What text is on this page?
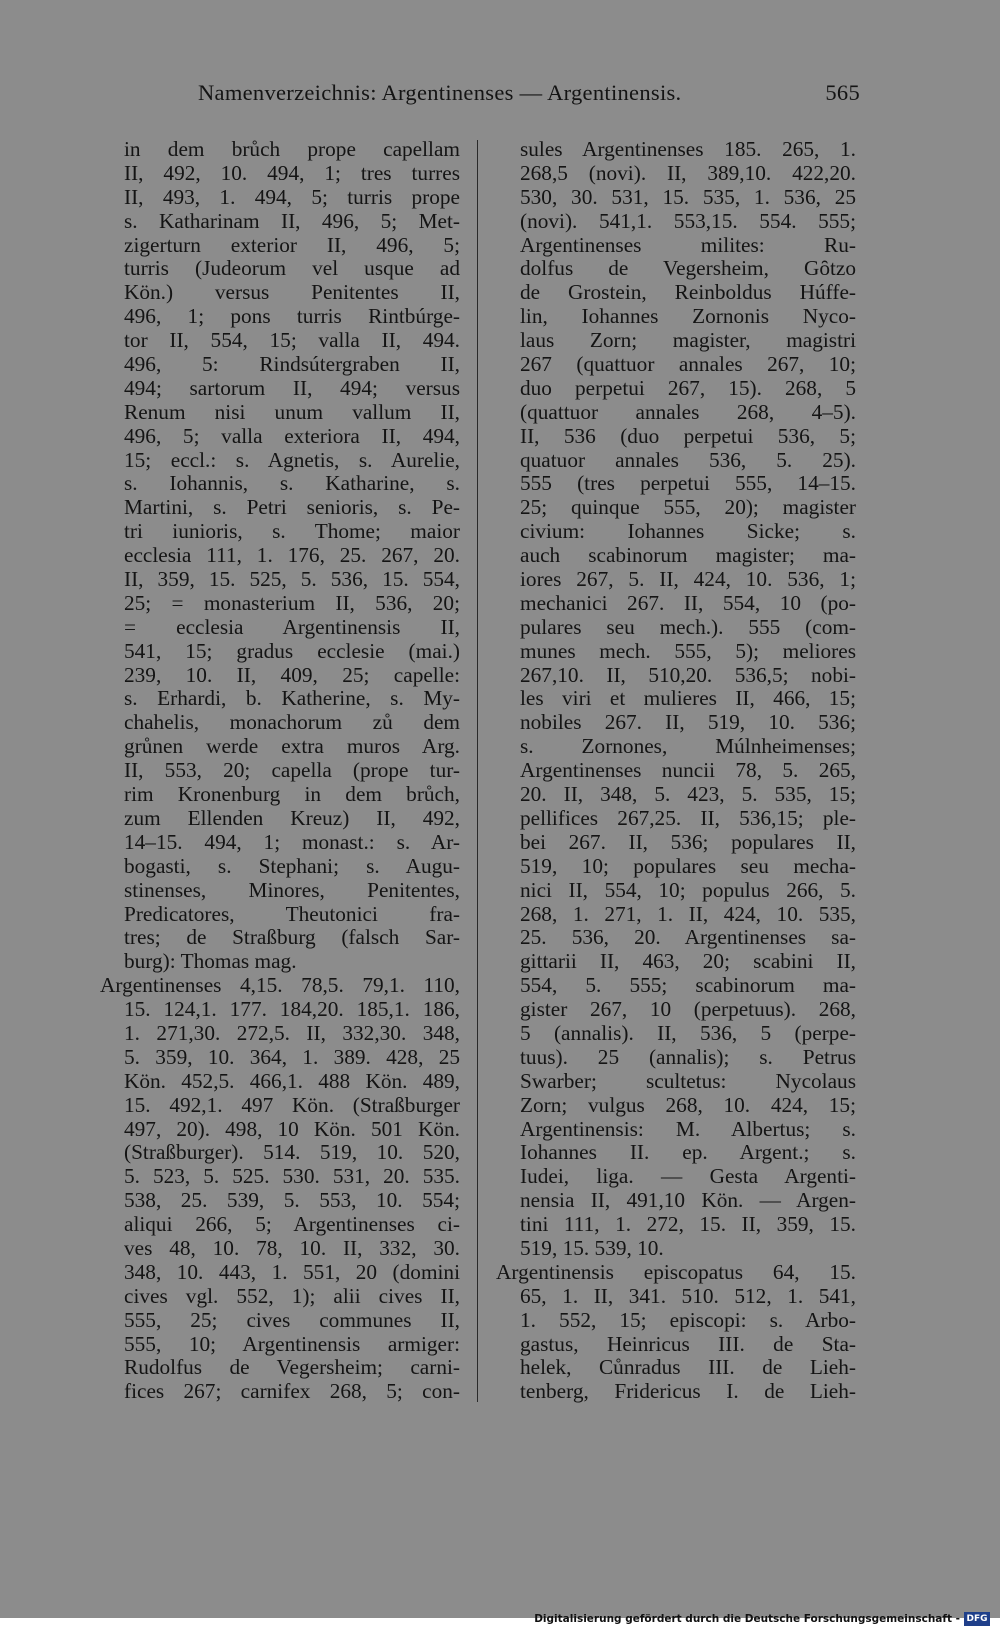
Namenverzeichnis: Argentinenses — Argentinensis.	565
in dem brůch prope capellam
II, 492, 10. 494, 1; tres turres
II, 493, 1. 494, 5; turris prope
s. Katharinam II, 496, 5; Met-
zigerturn exterior II, 496, 5;
turris (Judeorum vel usque ad
Kön.) versus Penitentes II,
496, 1; pons turris Rintbúrge-
tor II, 554, 15; valla II, 494.
496, 5: Rindsútergraben II,
494; sartorum II, 494; versus
Renum nisi unum vallum II,
496, 5; valla exteriora II, 494,
15; eccl.: s. Agnetis, s. Aurelie,
s. Iohannis, s. Katharine, s.
Martini, s. Petri senioris, s. Pe-
tri iunioris, s. Thome; maior
ecclesia 111, 1. 176, 25. 267, 20.
II, 359, 15. 525, 5. 536, 15. 554,
25; = monasterium II, 536, 20;
= ecclesia Argentinensis II,
541, 15; gradus ecclesie (mai.)
239, 10. II, 409, 25; capelle:
s. Erhardi, b. Katherine, s. My-
chahelis, monachorum zů dem
grůnen werde extra muros Arg.
II, 553, 20; capella (prope tur-
rim Kronenburg in dem brůch,
zum Ellenden Kreuz) II, 492,
14–15. 494, 1; monast.: s. Ar-
bogasti, s. Stephani; s. Augu-
stinenses, Minores, Penitentes,
Predicatores, Theutonici fra-
tres; de Straßburg (falsch Sar-
burg): Thomas mag.
Argentinenses 4,15. 78,5. 79,1. 110,
15. 124,1. 177. 184,20. 185,1. 186,
1. 271,30. 272,5. II, 332,30. 348,
5. 359, 10. 364, 1. 389. 428, 25
Kön. 452,5. 466,1. 488 Kön. 489,
15. 492,1. 497 Kön. (Straßburger
497, 20). 498, 10 Kön. 501 Kön.
(Straßburger). 514. 519, 10. 520,
5. 523, 5. 525. 530. 531, 20. 535.
538, 25. 539, 5. 553, 10. 554;
aliqui 266, 5; Argentinenses ci-
ves 48, 10. 78, 10. II, 332, 30.
348, 10. 443, 1. 551, 20 (domini
cives vgl. 552, 1); alii cives II,
555, 25; cives communes II,
555, 10; Argentinensis armiger:
Rudolfus de Vegersheim; carni-
fices 267; carnifex 268, 5; con-
sules Argentinenses 185. 265, 1.
268,5 (novi). II, 389,10. 422,20.
530, 30. 531, 15. 535, 1. 536, 25
(novi). 541,1. 553,15. 554. 555;
Argentinenses milites: Ru-
dolfus de Vegersheim, Gȏtzo
de Grostein, Reinboldus Húffe-
lin, Iohannes Zornonis Nyco-
laus Zorn; magister, magistri
267 (quattuor annales 267, 10;
duo perpetui 267, 15). 268, 5
(quattuor annales 268, 4–5).
II, 536 (duo perpetui 536, 5;
quatuor annales 536, 5. 25).
555 (tres perpetui 555, 14–15.
25; quinque 555, 20); magister
civium: Iohannes Sicke; s.
auch scabinorum magister; ma-
iores 267, 5. II, 424, 10. 536, 1;
mechanici 267. II, 554, 10 (po-
pulares seu mech.). 555 (com-
munes mech. 555, 5); meliores
267,10. II, 510,20. 536,5; nobi-
les viri et mulieres II, 466, 15;
nobiles 267. II, 519, 10. 536;
s. Zornones, Múlnheimenses;
Argentinenses nuncii 78, 5. 265,
20. II, 348, 5. 423, 5. 535, 15;
pellifices 267,25. II, 536,15; ple-
bei 267. II, 536; populares II,
519, 10; populares seu mecha-
nici II, 554, 10; populus 266, 5.
268, 1. 271, 1. II, 424, 10. 535,
25. 536, 20. Argentinenses sa-
gittarii II, 463, 20; scabini II,
554, 5. 555; scabinorum ma-
gister 267, 10 (perpetuus). 268,
5 (annalis). II, 536, 5 (perpe-
tuus). 25 (annalis); s. Petrus
Swarber; scultetus: Nycolaus
Zorn; vulgus 268, 10. 424, 15;
Argentinensis: M. Albertus; s.
Iohannes II. ep. Argent.; s.
Iudei, liga. — Gesta Argenti-
nensia II, 491,10 Kön. — Argen-
tini 111, 1. 272, 15. II, 359, 15.
519, 15. 539, 10.
Argentinensis episcopatus 64, 15.
65, 1. II, 341. 510. 512, 1. 541,
1. 552, 15; episcopi: s. Arbo-
gastus, Heinricus III. de Sta-
helek, Cůnradus III. de Lieh-
tenberg, Fridericus I. de Lieh-
Digitalisierung gefördert durch die Deutsche Forschungsgemeinschaft - DFG
